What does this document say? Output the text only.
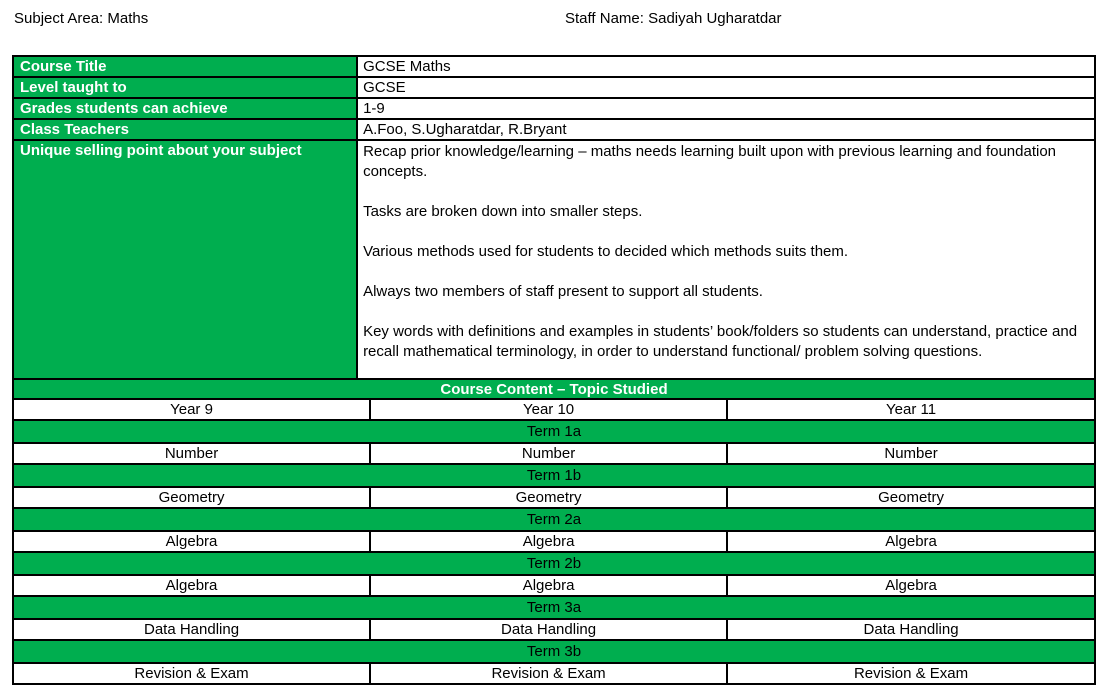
Subject Area: Maths	Staff Name: Sadiyah Ugharatdar
Course Title	GCSE Maths
Level taught to	GCSE
Grades students can achieve	1-9
Class Teachers	A.Foo, S.Ugharatdar, R.Bryant
Unique selling point about your subject	Recap prior knowledge/learning – maths needs learning built upon with previous learning and foundation concepts.

Tasks are broken down into smaller steps.

Various methods used for students to decided which methods suits them.

Always two members of staff present to support all students.

Key words with definitions and examples in students’ book/folders so students can understand, practice and recall mathematical terminology, in order to understand functional/ problem solving questions.

Course Content – Topic Studied		
Year 9	Year 10	Year 11
Term 1a		
Number	Number	Number
Term 1b		
Geometry	Geometry	Geometry
Term 2a		
Algebra	Algebra	Algebra
Term 2b		
Algebra	Algebra	Algebra
Term 3a		
Data Handling	Data Handling	Data Handling
Term 3b		
Revision & Exam	Revision & Exam	Revision & Exam
